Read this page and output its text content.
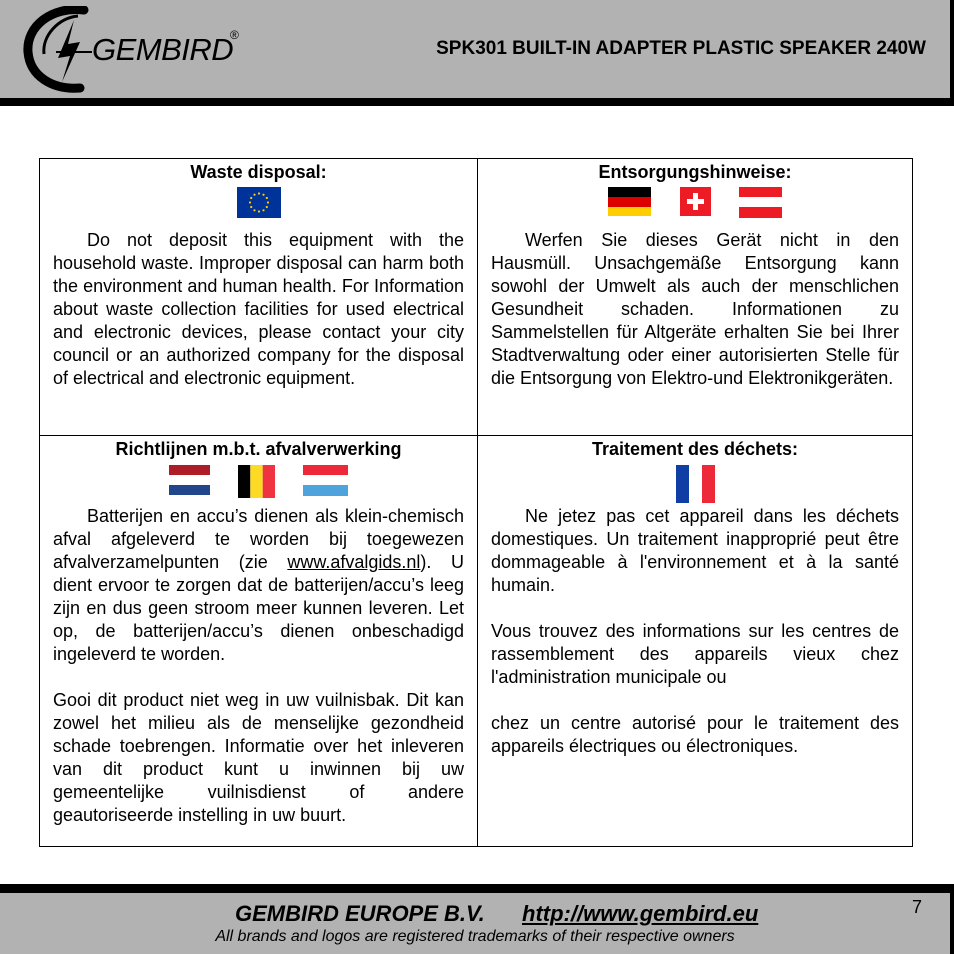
GEMBIRD
®
SPK301 BUILT-IN ADAPTER PLASTIC SPEAKER 240W
Waste disposal:

Do not deposit this equipment with the household waste. Improper disposal can harm both the environment and human health. For Information about waste collection facilities for used electrical and electronic devices, please contact your city council or an authorized company for the disposal of electrical and electronic equipment.

Entsorgungshinweise:

Werfen Sie dieses Gerät nicht in den Hausmüll. Unsachgemäße Entsorgung kann sowohl der Umwelt als auch der menschlichen Gesundheit schaden. Informationen zu Sammelstellen für Altgeräte erhalten Sie bei Ihrer Stadtverwaltung oder einer autorisierten Stelle für die Entsorgung von Elektro-und Elektronikgeräten.

Richtlijnen m.b.t. afvalverwerking

Batterijen en accu’s dienen als klein-chemisch afval afgeleverd te worden bij toegewezen afvalverzamelpunten (zie www.afvalgids.nl). U dient ervoor te zorgen dat de batterijen/accu’s leeg zijn en dus geen stroom meer kunnen leveren. Let op, de batterijen/accu’s dienen onbeschadigd ingeleverd te worden.

Gooi dit product niet weg in uw vuilnisbak. Dit kan zowel het milieu als de menselijke gezondheid schade toebrengen. Informatie over het inleveren van dit product kunt u inwinnen bij uw gemeentelijke vuilnisdienst of andere geautoriseerde instelling in uw buurt.

Traitement des déchets:

Ne jetez pas cet appareil dans les déchets domestiques. Un traitement inapproprié peut être dommageable à l'environnement et à la santé humain.

Vous trouvez des informations sur les centres de rassemblement des appareils vieux chez l'administration municipale ou

chez un centre autorisé pour le traitement des appareils électriques ou électroniques.

GEMBIRD EUROPE B.V. http://www.gembird.eu
All brands and logos are registered trademarks of their respective owners
7
